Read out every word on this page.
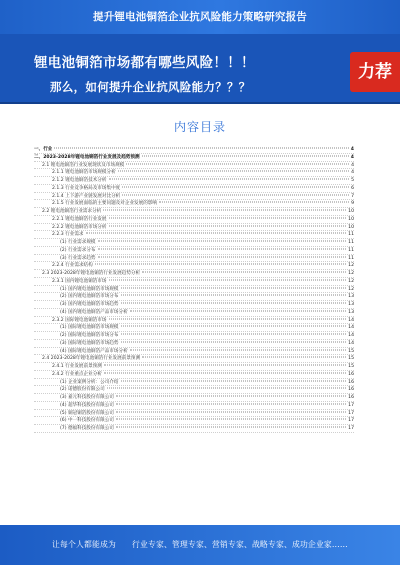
提升锂电池铜箔企业抗风险能力策略研究报告
锂电池铜箔市场都有哪些风险！！！
那么，如何提升企业抗风险能力？？？
力荐
内容目录
一、行业	4
二、2023-2028年锂电池铜箔行业发展及趋势预测	4
2.1 锂电池铜箔行业发展现状及市场规模	4
2.1.1 锂电池铜箔市场规模分析	4
2.1.2 锂电池铜箔技术分析	5
2.1.3 行业竞争格局及市场集中度	6
2.1.4 上下游产业链发展对比分析	7
2.1.5 行业发展面临的主要问题及对企业发展的影响	9
2.2 锂电池铜箔行业需求分析	10
2.2.1 锂电池铜箔行业发展	10
2.2.2 锂电池铜箔市场分析	10
2.2.3 行业需求	11
(1) 行业需求规模	11
(2) 行业需求分布	11
(3) 行业需求趋势	11
2.2.4 行业需求结构	12
2.3 2023-2028年锂电池铜箔行业发展趋势分析	12
2.3.1 国内锂电池铜箔市场	12
(1) 国内锂电池铜箔市场规模	12
(2) 国内锂电池铜箔市场分布	13
(3) 国内锂电池铜箔市场趋势	13
(4) 国内锂电池铜箔产品市场分析	13
2.3.2 国际锂电池铜箔市场	14
(1) 国际锂电池铜箔市场规模	14
(2) 国际锂电池铜箔市场分布	14
(3) 国际锂电池铜箔市场趋势	14
(4) 国际锂电池铜箔产品市场分析	15
2.4 2023-2028年锂电池铜箔行业发展前景预测	15
2.4.1 行业发展前景预测	15
2.4.2 行业重点企业分析	16
(1) 企业案例分析：公司介绍	16
(2) 诺德股份有限公司	16
(3) 嘉元科技股份有限公司	16
(4) 超华科技股份有限公司	17
(5) 铜冠铜箔股份有限公司	17
(6) 中一科技股份有限公司	17
(7) 德福科技股份有限公司	17
让每个人都能成为　　行业专家、管理专家、营销专家、战略专家、成功企业家……
